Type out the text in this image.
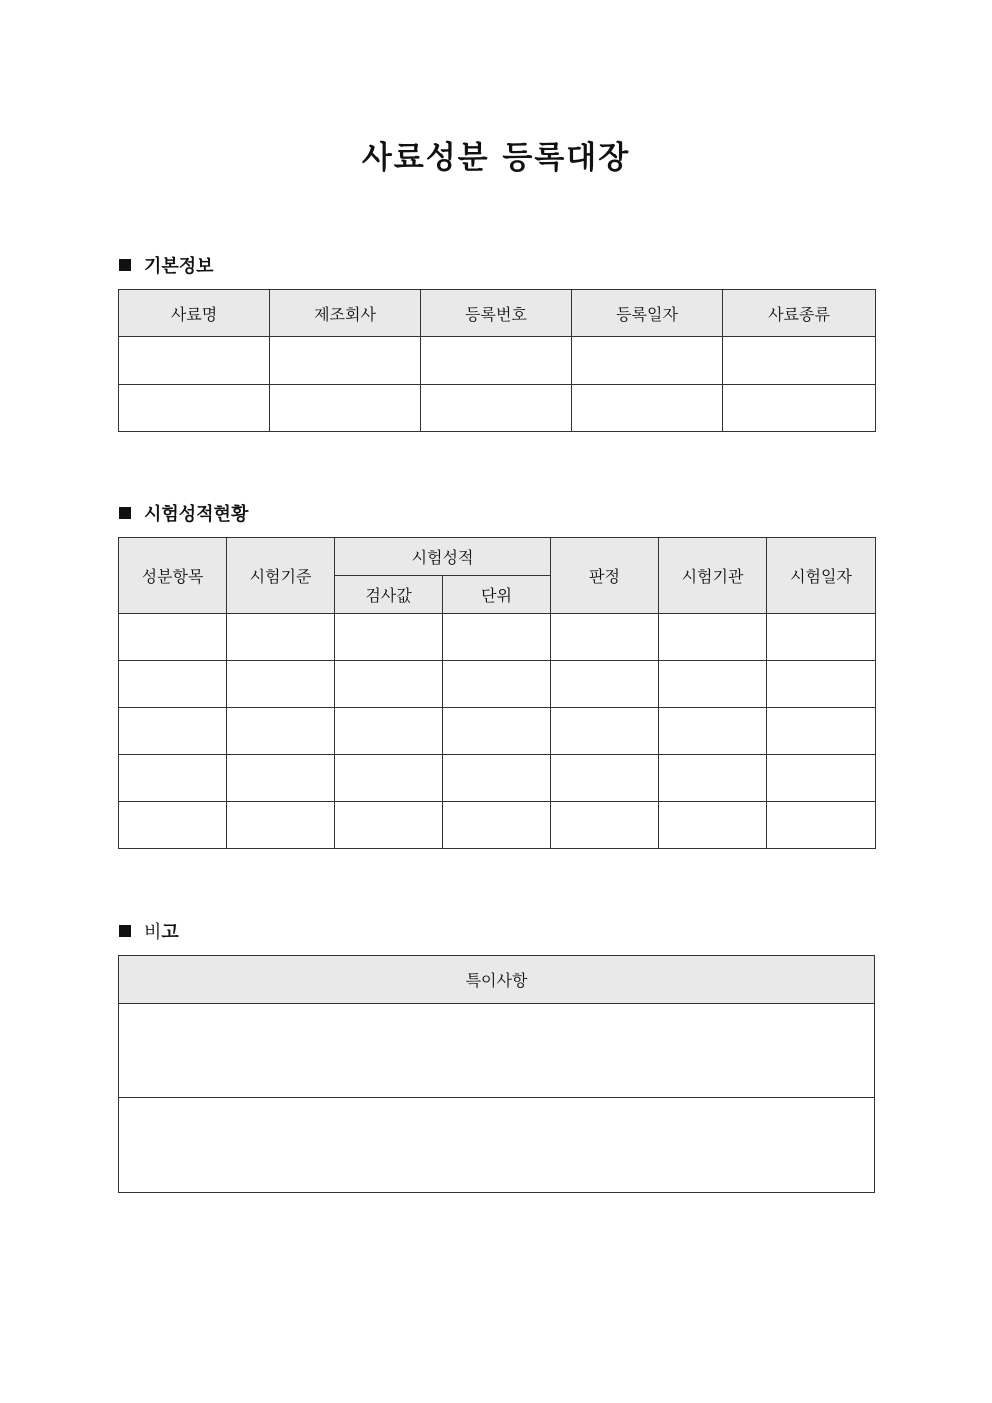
사료성분 등록대장
기본정보
사료명	제조회사	등록번호	등록일자	사료종류

시험성적현황
성분항목	시험기준	시험성적		판정	시험기관	시험일자
		검사값	단위			

비 고
특이사항
